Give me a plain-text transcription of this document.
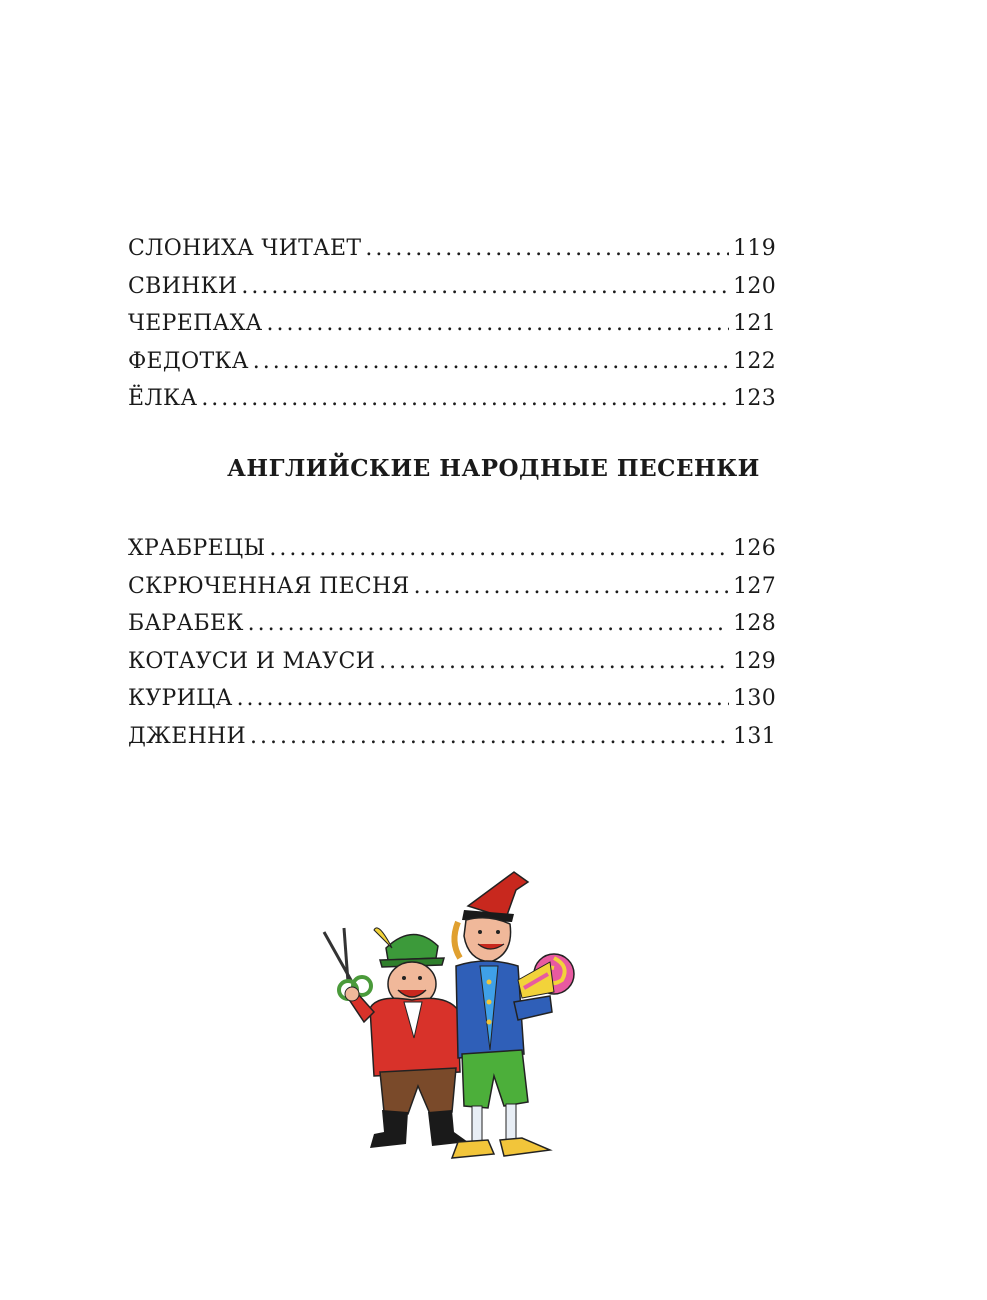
СЛОНИХА ЧИТАЕТ . . .	119
СВИНКИ . . .	120
ЧЕРЕПАХА . . .	121
ФЕДОТКА . . .	122
ЁЛКА . . .	123
АНГЛИЙСКИЕ НАРОДНЫЕ ПЕСЕНКИ
ХРАБРЕЦЫ . . .	126
СКРЮЧЕННАЯ ПЕСНЯ . . .	127
БАРАБЕК . . .	128
КОТАУСИ И МАУСИ . . .	129
КУРИЦА . . .	130
ДЖЕННИ . . .	131
